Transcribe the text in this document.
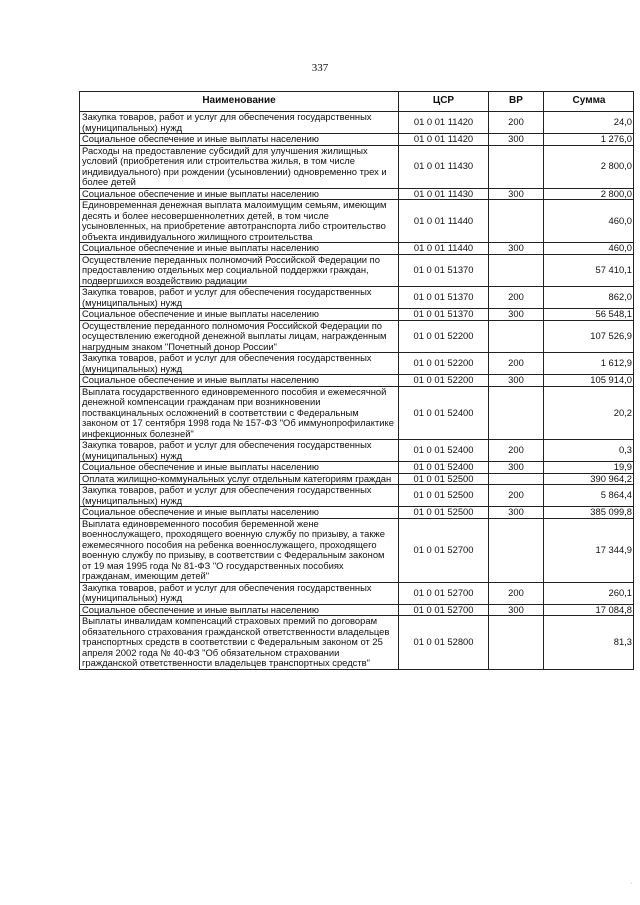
337
Наименование	ЦСР	ВР	Сумма
Закупка товаров, работ и услуг для обеспечения государственных (муниципальных) нужд	01 0 01 11420	200	24,0
Социальное обеспечение и иные выплаты населению	01 0 01 11420	300	1 276,0
Расходы на предоставление субсидий для улучшения жилищных условий (приобретения или строительства жилья, в том числе индивидуального) при рождении (усыновлении) одновременно трех и более детей	01 0 01 11430		2 800,0
Социальное обеспечение и иные выплаты населению	01 0 01 11430	300	2 800,0
Единовременная денежная выплата малоимущим семьям, имеющим десять и более несовершеннолетних детей, в том числе усыновленных, на приобретение автотранспорта либо строительство объекта индивидуального жилищного строительства	01 0 01 11440		460,0
Социальное обеспечение и иные выплаты населению	01 0 01 11440	300	460,0
Осуществление переданных полномочий Российской Федерации по предоставлению отдельных мер социальной поддержки граждан, подвергшихся воздействию радиации	01 0 01 51370		57 410,1
Закупка товаров, работ и услуг для обеспечения государственных (муниципальных) нужд	01 0 01 51370	200	862,0
Социальное обеспечение и иные выплаты населению	01 0 01 51370	300	56 548,1
Осуществление переданного полномочия Российской Федерации по осуществлению ежегодной денежной выплаты лицам, награжденным нагрудным знаком "Почетный донор России"	01 0 01 52200		107 526,9
Закупка товаров, работ и услуг для обеспечения государственных (муниципальных) нужд	01 0 01 52200	200	1 612,9
Социальное обеспечение и иные выплаты населению	01 0 01 52200	300	105 914,0
Выплата государственного единовременного пособия и ежемесячной денежной компенсации гражданам при возникновении поствакцинальных осложнений в соответствии с Федеральным законом от 17 сентября 1998 года № 157-ФЗ "Об иммунопрофилактике инфекционных болезней"	01 0 01 52400		20,2
Закупка товаров, работ и услуг для обеспечения государственных (муниципальных) нужд	01 0 01 52400	200	0,3
Социальное обеспечение и иные выплаты населению	01 0 01 52400	300	19,9
Оплата жилищно-коммунальных услуг отдельным категориям граждан	01 0 01 52500		390 964,2
Закупка товаров, работ и услуг для обеспечения государственных (муниципальных) нужд	01 0 01 52500	200	5 864,4
Социальное обеспечение и иные выплаты населению	01 0 01 52500	300	385 099,8
Выплата единовременного пособия беременной жене военнослужащего, проходящего военную службу по призыву, а также ежемесячного пособия на ребенка военнослужащего, проходящего военную службу по призыву, в соответствии с Федеральным законом от 19 мая 1995 года № 81-ФЗ "О государственных пособиях гражданам, имеющим детей"	01 0 01 52700		17 344,9
Закупка товаров, работ и услуг для обеспечения государственных (муниципальных) нужд	01 0 01 52700	200	260,1
Социальное обеспечение и иные выплаты населению	01 0 01 52700	300	17 084,8
Выплаты инвалидам компенсаций страховых премий по договорам обязательного страхования гражданской ответственности владельцев транспортных средств в соответствии с Федеральным законом от 25 апреля 2002 года № 40-ФЗ "Об обязательном страховании гражданской ответственности владельцев транспортных средств"	01 0 01 52800		81,3
·
